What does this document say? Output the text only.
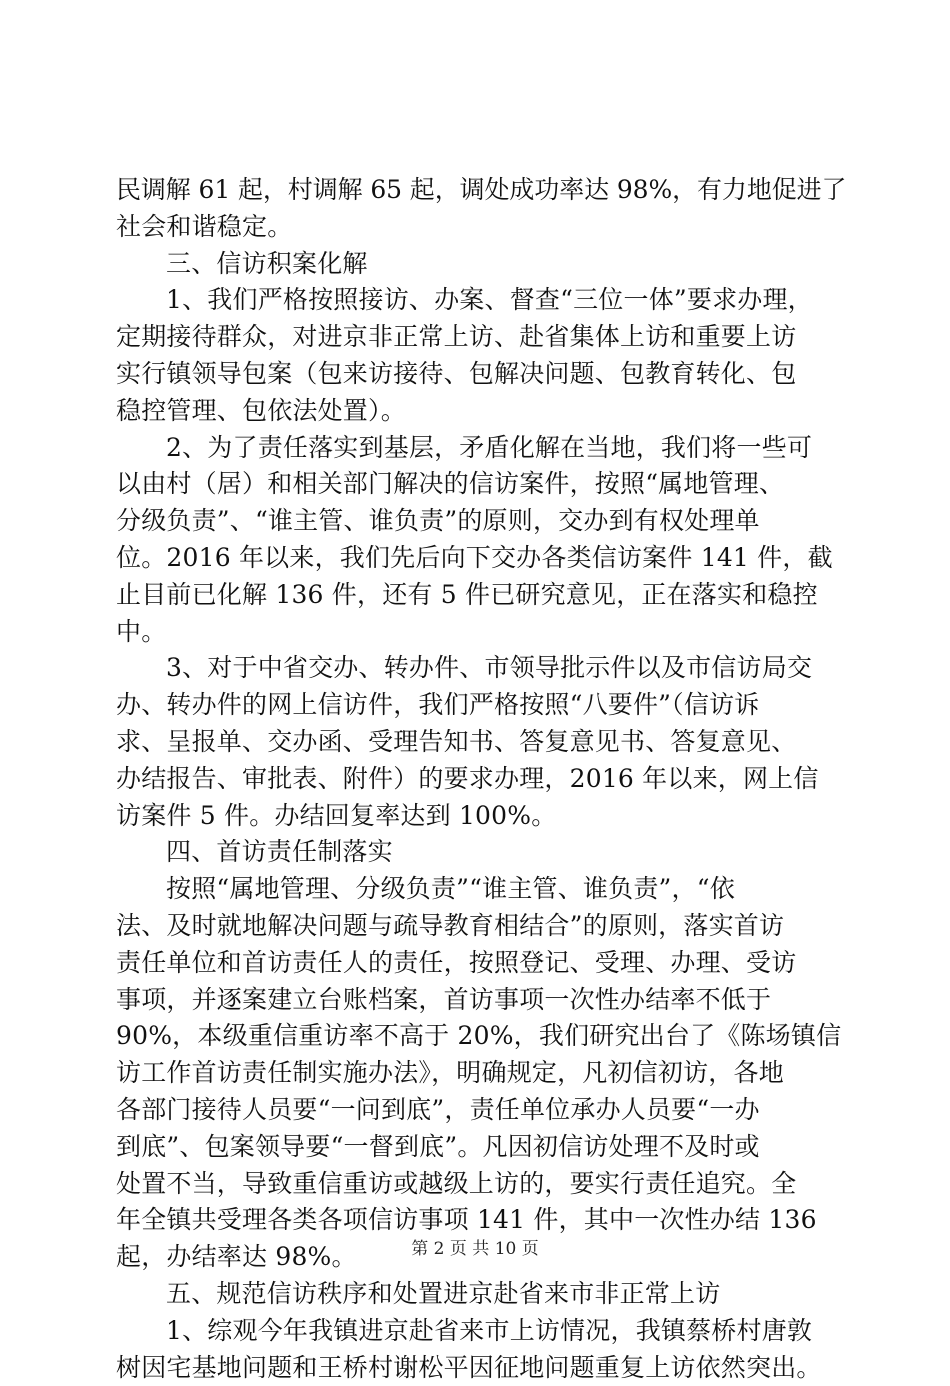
民调解 61 起，村调解 65 起，调处成功率达 98%，有力地促进了
社会和谐稳定。
三、信访积案化解
1、我们严格按照接访、办案、督查“三位一体”要求办理，
定期接待群众，对进京非正常上访、赴省集体上访和重要上访
实行镇领导包案（包来访接待、包解决问题、包教育转化、包
稳控管理、包依法处置）。
2、为了责任落实到基层，矛盾化解在当地，我们将一些可
以由村（居）和相关部门解决的信访案件，按照“属地管理、
分级负责”、“谁主管、谁负责”的原则，交办到有权处理单
位。2016 年以来，我们先后向下交办各类信访案件 141 件，截
止目前已化解 136 件，还有 5 件已研究意见，正在落实和稳控
中。
3、对于中省交办、转办件、市领导批示件以及市信访局交
办、转办件的网上信访件，我们严格按照“八要件”（信访诉
求、呈报单、交办函、受理告知书、答复意见书、答复意见、
办结报告、审批表、附件）的要求办理，2016 年以来，网上信
访案件 5 件。办结回复率达到 100%。
四、首访责任制落实
按照“属地管理、分级负责”“谁主管、谁负责”，“依
法、及时就地解决问题与疏导教育相结合”的原则，落实首访
责任单位和首访责任人的责任，按照登记、受理、办理、受访
事项，并逐案建立台账档案，首访事项一次性办结率不低于
90%，本级重信重访率不高于 20%，我们研究出台了《陈场镇信
访工作首访责任制实施办法》，明确规定，凡初信初访，各地
各部门接待人员要“一问到底”，责任单位承办人员要“一办
到底”、包案领导要“一督到底”。凡因初信访处理不及时或
处置不当，导致重信重访或越级上访的，要实行责任追究。全
年全镇共受理各类各项信访事项 141 件，其中一次性办结 136
起，办结率达 98%。
五、规范信访秩序和处置进京赴省来市非正常上访
1、综观今年我镇进京赴省来市上访情况，我镇蔡桥村唐敦
树因宅基地问题和王桥村谢松平因征地问题重复上访依然突出。
第 2 页 共 10 页
